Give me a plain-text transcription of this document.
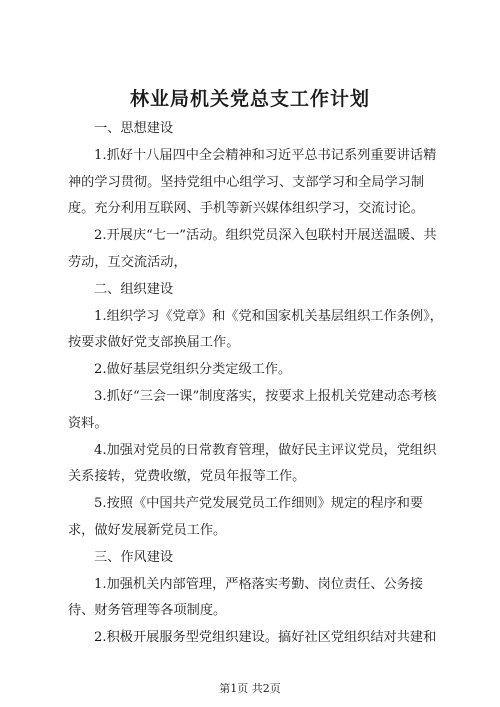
林业局机关党总支工作计划

一、思想建设

1.抓好十八届四中全会精神和习近平总书记系列重要讲话精神的学习贯彻。坚持党组中心组学习、支部学习和全局学习制度。充分利用互联网、手机等新兴媒体组织学习，交流讨论。

2.开展庆“七一”活动。组织党员深入包联村开展送温暖、共劳动，互交流活动，

二、组织建设

1.组织学习《党章》和《党和国家机关基层组织工作条例》，按要求做好党支部换届工作。

2.做好基层党组织分类定级工作。

3.抓好“三会一课”制度落实，按要求上报机关党建动态考核资料。

4.加强对党员的日常教育管理，做好民主评议党员，党组织关系接转，党费收缴，党员年报等工作。

5.按照《中国共产党发展党员工作细则》规定的程序和要求，做好发展新党员工作。

三、作风建设

1.加强机关内部管理，严格落实考勤、岗位责任、公务接待、财务管理等各项制度。

2.积极开展服务型党组织建设。搞好社区党组织结对共建和

第1页 共2页
